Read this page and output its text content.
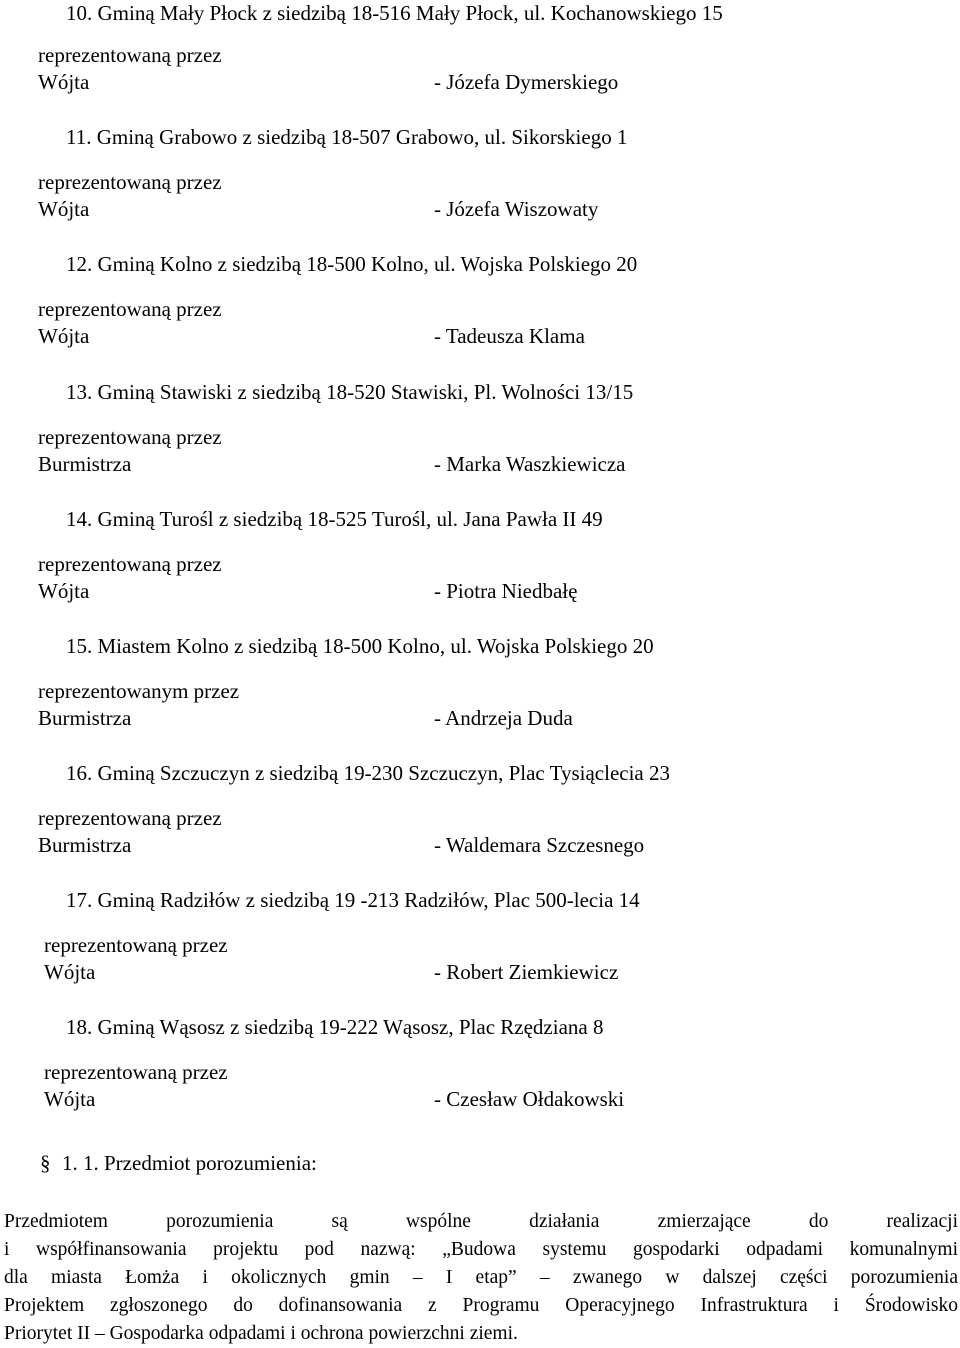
10. Gminą Mały Płock z siedzibą 18-516 Mały Płock, ul. Kochanowskiego 15
reprezentowaną przez
Wójta	- Józefa Dymerskiego
11. Gminą Grabowo z siedzibą 18-507 Grabowo, ul. Sikorskiego 1
reprezentowaną przez
Wójta	- Józefa Wiszowaty
12. Gminą Kolno z siedzibą 18-500 Kolno, ul. Wojska Polskiego 20
reprezentowaną przez
Wójta	- Tadeusza Klama
13. Gminą Stawiski z siedzibą 18-520 Stawiski, Pl. Wolności 13/15
reprezentowaną przez
Burmistrza	- Marka Waszkiewicza
14. Gminą Turośl z siedzibą 18-525 Turośl, ul. Jana Pawła II 49
reprezentowaną przez
Wójta	- Piotra Niedbałę
15. Miastem Kolno z siedzibą 18-500 Kolno, ul. Wojska Polskiego 20
reprezentowanym przez
Burmistrza	- Andrzeja Duda
16. Gminą Szczuczyn z siedzibą 19-230 Szczuczyn, Plac Tysiąclecia 23
reprezentowaną przez
Burmistrza	- Waldemara Szczesnego
17. Gminą Radziłów z siedzibą 19 -213 Radziłów, Plac 500-lecia 14
reprezentowaną przez
Wójta	- Robert Ziemkiewicz
18. Gminą Wąsosz z siedzibą 19-222 Wąsosz, Plac Rzędziana 8
reprezentowaną przez
Wójta	- Czesław Ołdakowski
§ 1. 1. Przedmiot porozumienia:
Przedmiotem porozumienia są wspólne działania zmierzające do realizacji
i współfinansowania projektu pod nazwą: „Budowa systemu gospodarki odpadami komunalnymi
dla miasta Łomża i okolicznych gmin – I etap” – zwanego w dalszej części porozumienia
Projektem zgłoszonego do dofinansowania z Programu Operacyjnego Infrastruktura i Środowisko
Priorytet II – Gospodarka odpadami i ochrona powierzchni ziemi.
